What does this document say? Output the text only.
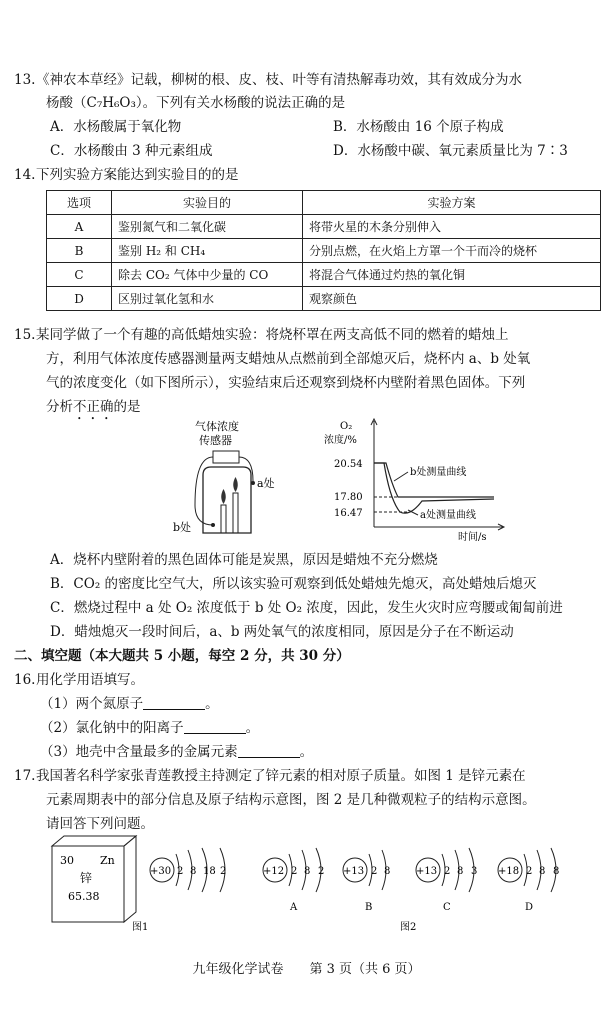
13.《神农本草经》记载，柳树的根、皮、枝、叶等有清热解毒功效，其有效成分为水
杨酸（C₇H₆O₃）。下列有关水杨酸的说法正确的是
A．水杨酸属于氧化物	B．水杨酸由 16 个原子构成
C．水杨酸由 3 种元素组成	D．水杨酸中碳、氧元素质量比为 7∶3
14.下列实验方案能达到实验目的的是
选项	实验目的	实验方案
A	鉴别氮气和二氧化碳	将带火星的木条分别伸入
B	鉴别 H₂ 和 CH₄	分别点燃，在火焰上方罩一个干而冷的烧杯
C	除去 CO₂ 气体中少量的 CO	将混合气体通过灼热的氧化铜
D	区别过氧化氢和水	观察颜色
15.某同学做了一个有趣的高低蜡烛实验：将烧杯罩在两支高低不同的燃着的蜡烛上
方，利用气体浓度传感器测量两支蜡烛从点燃前到全部熄灭后，烧杯内 a、b 处氧
气的浓度变化（如下图所示），实验结束后还观察到烧杯内壁附着黑色固体。下列
分析不正确的是
气体浓度
传感器
a处
b处
O₂
浓度/%
时间/s
20.54
17.80
16.47
b处测量曲线
a处测量曲线
A．烧杯内壁附着的黑色固体可能是炭黑，原因是蜡烛不充分燃烧
B．CO₂ 的密度比空气大，所以该实验可观察到低处蜡烛先熄灭，高处蜡烛后熄灭
C．燃烧过程中 a 处 O₂ 浓度低于 b 处 O₂ 浓度，因此，发生火灾时应弯腰或匍匐前进
D．蜡烛熄灭一段时间后，a、b 两处氧气的浓度相同，原因是分子在不断运动
二、填空题（本大题共 5 小题，每空 2 分，共 30 分）
16.用化学用语填写。
（1）两个氮原子	。
（2）氯化钠中的阳离子	。
（3）地壳中含量最多的金属元素	。
17.我国著名科学家张青莲教授主持测定了锌元素的相对原子质量。如图 1 是锌元素在
元素周期表中的部分信息及原子结构示意图，图 2 是几种微观粒子的结构示意图。
请回答下列问题。
30 Zn
锌
65.38
+30 2 8 18 2
图1
+12 2 8 2
A
+13 2 8
B
+13 2 8 3
C
+18 2 8 8
D
图2
九年级化学试卷　　第 3 页（共 6 页）
